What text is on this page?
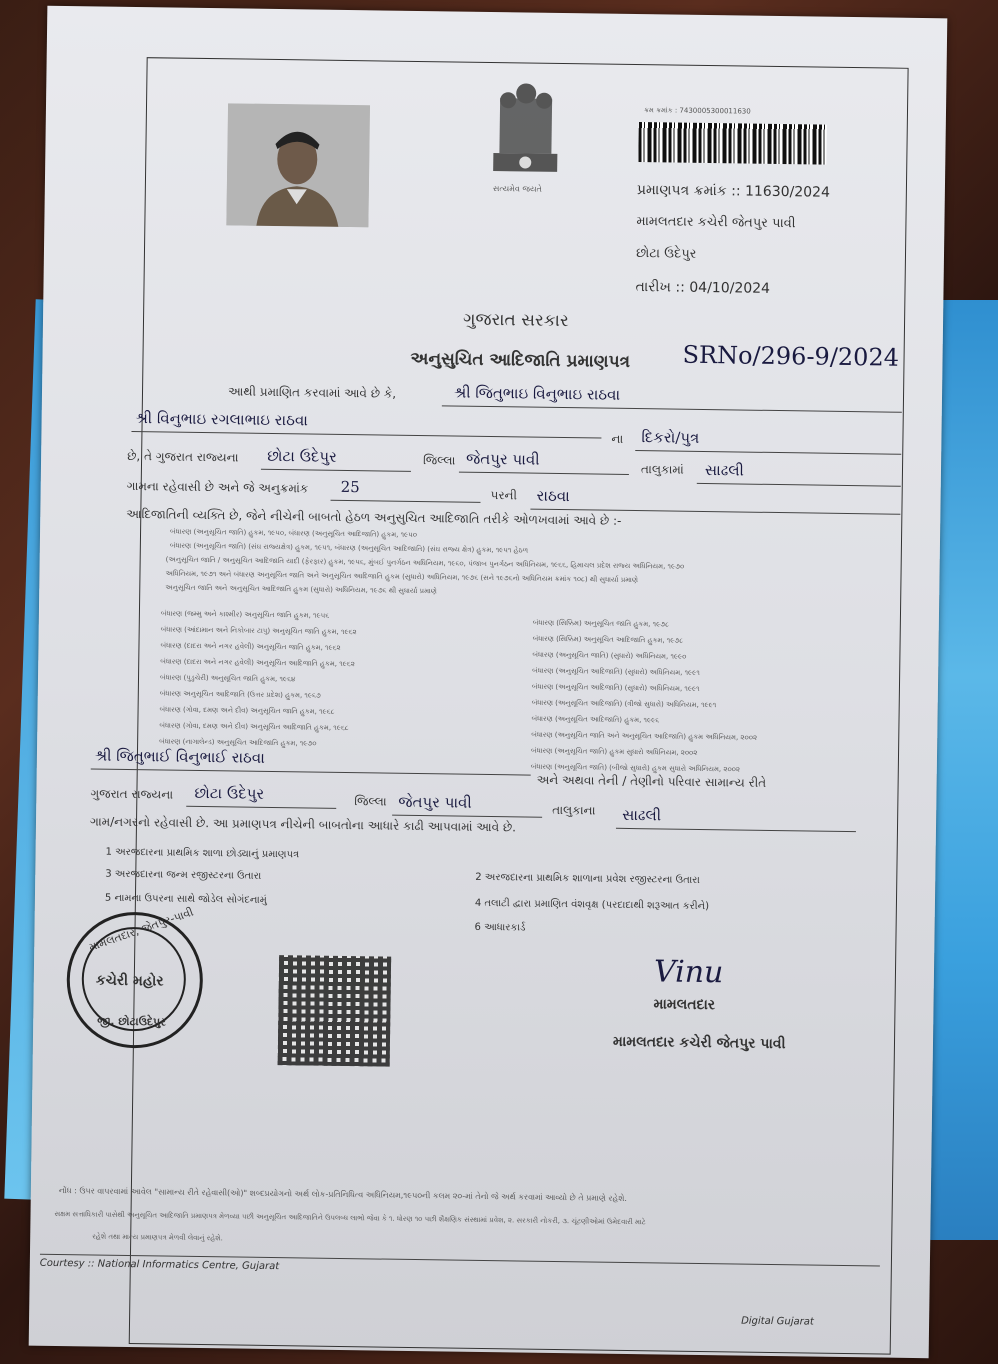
સત્યમેવ જયતે
ક્રમ ક્રમાંક : 7430005300011630
પ્રમાણપત્ર ક્રમાંક :: 11630/2024
મામલતદાર કચેરી જેતપુર પાવી
છોટા ઉદેપુર
તારીખ :: 04/10/2024
ગુજરાત સરકાર
અનુસુચિત આદિજાતિ પ્રમાણપત્ર SRNo/296-9/2024
આથી પ્રમાણિત કરવામાં આવે છે કે,	શ્રી જિતુભાઇ વિનુભાઇ રાઠવા
શ્રી વિનુભાઇ રગલાભાઇ રાઠવા
ના દિકરો/પુત્ર
છે, તે ગુજરાત રાજ્યના છોટા ઉદેપુર	જિલ્લા જેતપુર પાવી
તાલુકામાં સાઢલી
ગામના રહેવાસી છે અને જે અનુક્રમાંક 25	પરની રાઠવા
આદિજાતિની વ્યક્તિ છે, જેને નીચેની બાબતો હેઠળ અનુસુચિત આદિજાતિ તરીકે ઓળખવામાં આવે છે :-
બંધારણ (અનુસૂચિત જાતિ) હુકમ, ૧૯૫૦, બંધારણ (અનુસૂચિત આદિજાતિ) હુકમ, ૧૯૫૦
બંધારણ (અનુસૂચિત જાતિ) (સંઘ રાજ્યક્ષેત્ર) હુકમ, ૧૯૫૧, બંધારણ (અનુસૂચિત આદિજાતિ) (સંઘ રાજ્ય ક્ષેત્ર) હુકમ, ૧૯૫૧ હેઠળ
(અનુસૂચિત જાતિ / અનુસૂચિત આદિજાતિ યાદી (ફેરફાર) હુકમ, ૧૯૫૬, મુંબઈ પુનર્ગઠન અધિનિયમ, ૧૯૬૦, પંજાબ પુનર્ગઠન અધિનિયમ, ૧૯૬૬, હિમાચલ પ્રદેશ રાજ્ય અધિનિયમ, ૧૯૭૦
અધિનિયમ, ૧૯૭૧ અને બંધારણ અનુસૂચિત જાતિ અને અનુસૂચિત આદિજાતિ હુકમ (સુધારો) અધિનિયમ, ૧૯૭૬ (સને ૧૯૭૬નો અધિનિયમ ક્રમાંક ૧૦૮) થી સુધાર્યા પ્રમાણે
અનુસૂચિત જાતિ અને અનુસૂચિત આદિજાતિ હુકમ (સુધારો) અધિનિયમ, ૧૯૭૬ થી સુધાર્યા પ્રમાણે
બંધારણ (જમ્મુ અને કાશ્મીર) અનુસૂચિત જાતિ હુકમ, ૧૯૫૬
બંધારણ (આંદામાન અને નિકોબાર ટાપુ) અનુસૂચિત જાતિ હુકમ, ૧૯૬૨
બંધારણ (દાદરા અને નગર હવેલી) અનુસૂચિત જાતિ હુકમ, ૧૯૬૨
બંધારણ (દાદરા અને નગર હવેલી) અનુસૂચિત આદિજાતિ હુકમ, ૧૯૬૨
બંધારણ (પુડુચેરી) અનુસૂચિત જાતિ હુકમ, ૧૯૬૪
બંધારણ અનુસૂચિત આદિજાતિ (ઉત્તર પ્રદેશ) હુકમ, ૧૯૬૭
બંધારણ (ગોવા, દમણ અને દીવ) અનુસૂચિત જાતિ હુકમ, ૧૯૬૮
બંધારણ (ગોવા, દમણ અને દીવ) અનુસૂચિત આદિજાતિ હુકમ, ૧૯૬૮
બંધારણ (નાગાલેન્ડ) અનુસૂચિત આદિજાતિ હુકમ, ૧૯૭૦
બંધારણ (સિક્કિમ) અનુસૂચિત જાતિ હુકમ, ૧૯૭૮
બંધારણ (સિક્કિમ) અનુસૂચિત આદિજાતિ હુકમ, ૧૯૭૮
બંધારણ (અનુસૂચિત જાતિ) (સુધારો) અધિનિયમ, ૧૯૯૦
બંધારણ (અનુસૂચિત આદિજાતિ) (સુધારો) અધિનિયમ, ૧૯૯૧
બંધારણ (અનુસૂચિત આદિજાતિ) (સુધારો) અધિનિયમ, ૧૯૯૧
બંધારણ (અનુસૂચિત આદિજાતિ) (ત્રીજો સુધારો) અધિનિયમ, ૧૯૯૧
બંધારણ (અનુસૂચિત આદિજાતિ) હુકમ, ૧૯૯૬
બંધારણ (અનુસૂચિત જાતિ અને અનુસૂચિત આદિજાતિ) હુકમ અધિનિયમ, ૨૦૦૨
બંધારણ (અનુસૂચિત જાતિ) હુકમ સુધારો અધિનિયમ, ૨૦૦૨
બંધારણ (અનુસૂચિત જાતિ) (બીજો સુધારો) હુકમ સુધારો અધિનિયમ, ૨૦૦૨
શ્રી જિતુભાઈ વિનુભાઈ રાઠવા
અને અથવા તેની / તેણીનો પરિવાર સામાન્ય રીતે
ગુજરાત રાજ્યના છોટા ઉદેપુર	જિલ્લા જેતપુર પાવી	તાલુકાના સાઢલી
ગામ/નગરનો રહેવાસી છે. આ પ્રમાણપત્ર નીચેની બાબતોના આધારે કાઢી આપવામાં આવે છે.
1 અરજદારના પ્રાથમિક શાળા છોડ્યાનું પ્રમાણપત્ર
2 અરજદારના પ્રાથમિક શાળાના પ્રવેશ રજીસ્ટરના ઉતારા
3 અરજદારના જન્મ રજીસ્ટરના ઉતારા
4 તલાટી દ્વારા પ્રમાણિત વંશવૃક્ષ (પરદાદાથી શરૂઆત કરીને)
5 નામના ઉપરના સાથે જોડેલ સોગંદનામું
6 આધારકાર્ડ
મામલતદાર, જેતપુર-પાવી
કચેરી મહોર
જી. છોટાઉદેપુર
Vinu
મામલતદાર
મામલતદાર કચેરી જેતપુર પાવી
નોંધ : ઉપર વાપરવામાં આવેલ "સામાન્ય રીતે રહેવાસી(ઓ)" શબ્દપ્રયોગનો અર્થ લોક-પ્રતિનિધિત્વ અધિનિયમ,૧૯૫૦ની કલમ ૨૦-માં તેનો જે અર્થ કરવામાં આવ્યો છે તે પ્રમાણે રહેશે.
સક્ષમ સત્તાધિકારી પાસેથી અનુસૂચિત આદિજાતિ પ્રમાણપત્ર મેળવ્યા પછી અનુસૂચિત આદિજાતિને ઉપલબ્ધ લાભો જેવા કે ૧. ધોરણ ૧૦ પછી શૈક્ષણિક સંસ્થામાં પ્રવેશ, ૨. સરકારી નોકરી, ૩. ચૂંટણીઓમાં ઉમેદવારી માટે
રહેશે તથા માન્ય પ્રમાણપત્ર મેળવી લેવાનું રહેશે.
Courtesy :: National Informatics Centre, Gujarat
Digital Gujarat
